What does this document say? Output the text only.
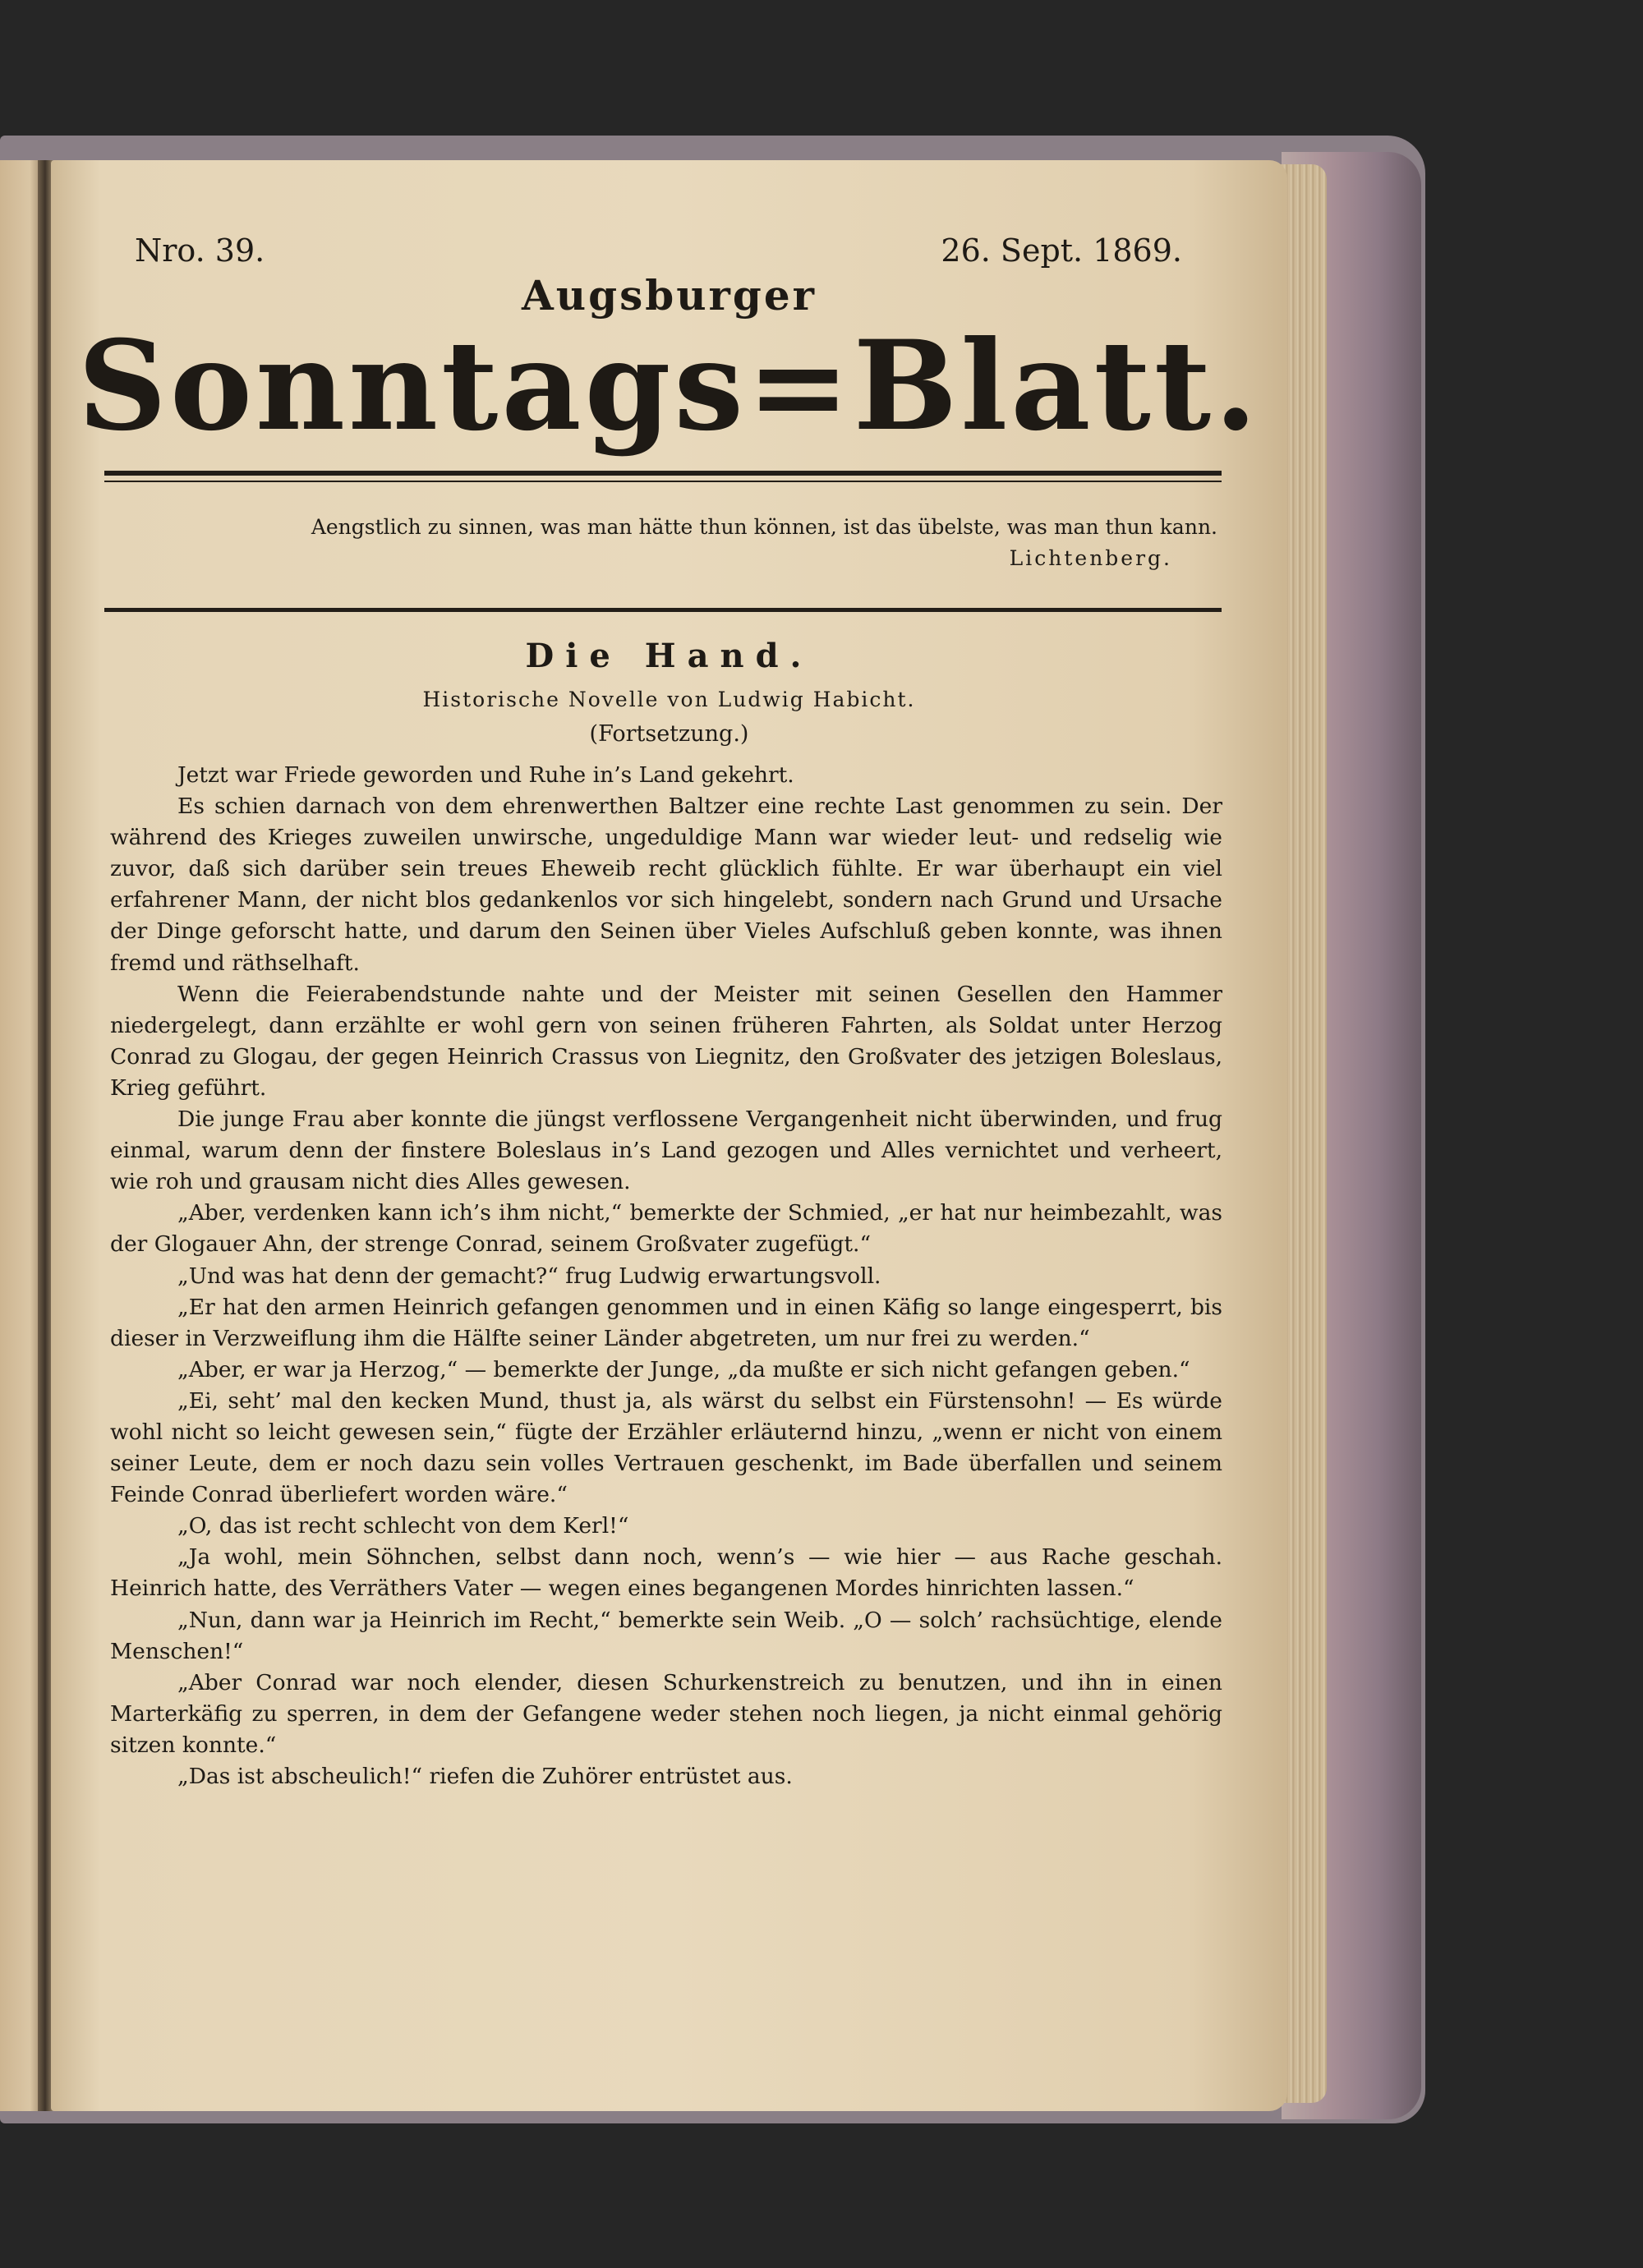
Nro. 39.	26. Sept. 1869.
Augsburger
Sonntags=Blatt.
Aengstlich zu sinnen, was man hätte thun können, ist das übelste, was man thun kann.
Lichtenberg.
Die Hand.
Historische Novelle von Ludwig Habicht.
(Fortsetzung.)

Jetzt war Friede geworden und Ruhe in’s Land gekehrt.

Es schien darnach von dem ehrenwerthen Baltzer eine rechte Last genommen zu sein. Der während des Krieges zuweilen unwirsche, ungeduldige Mann war wieder leut- und redselig wie zuvor, daß sich darüber sein treues Eheweib recht glücklich fühlte. Er war überhaupt ein viel erfahrener Mann, der nicht blos gedankenlos vor sich hingelebt, sondern nach Grund und Ursache der Dinge geforscht hatte, und darum den Seinen über Vieles Aufschluß geben konnte, was ihnen fremd und räthselhaft.

Wenn die Feierabendstunde nahte und der Meister mit seinen Gesellen den Hammer niedergelegt, dann erzählte er wohl gern von seinen früheren Fahrten, als Soldat unter Herzog Conrad zu Glogau, der gegen Heinrich Crassus von Liegnitz, den Großvater des jetzigen Boleslaus, Krieg geführt.

Die junge Frau aber konnte die jüngst verflossene Vergangenheit nicht überwinden, und frug einmal, warum denn der finstere Boleslaus in’s Land gezogen und Alles vernichtet und verheert, wie roh und grausam nicht dies Alles gewesen.

„Aber, verdenken kann ich’s ihm nicht,“ bemerkte der Schmied, „er hat nur heimbezahlt, was der Glogauer Ahn, der strenge Conrad, seinem Großvater zugefügt.“

„Und was hat denn der gemacht?“ frug Ludwig erwartungsvoll.

„Er hat den armen Heinrich gefangen genommen und in einen Käfig so lange eingesperrt, bis dieser in Verzweiflung ihm die Hälfte seiner Länder abgetreten, um nur frei zu werden.“

„Aber, er war ja Herzog,“ — bemerkte der Junge, „da mußte er sich nicht gefangen geben.“

„Ei, seht’ mal den kecken Mund, thust ja, als wärst du selbst ein Fürstensohn! — Es würde wohl nicht so leicht gewesen sein,“ fügte der Erzähler erläuternd hinzu, „wenn er nicht von einem seiner Leute, dem er noch dazu sein volles Vertrauen geschenkt, im Bade überfallen und seinem Feinde Conrad überliefert worden wäre.“

„O, das ist recht schlecht von dem Kerl!“

„Ja wohl, mein Söhnchen, selbst dann noch, wenn’s — wie hier — aus Rache geschah. Heinrich hatte, des Verräthers Vater — wegen eines begangenen Mordes hinrichten lassen.“

„Nun, dann war ja Heinrich im Recht,“ bemerkte sein Weib. „O — solch’ rachsüchtige, elende Menschen!“

„Aber Conrad war noch elender, diesen Schurkenstreich zu benutzen, und ihn in einen Marterkäfig zu sperren, in dem der Gefangene weder stehen noch liegen, ja nicht einmal gehörig sitzen konnte.“

„Das ist abscheulich!“ riefen die Zuhörer entrüstet aus.
